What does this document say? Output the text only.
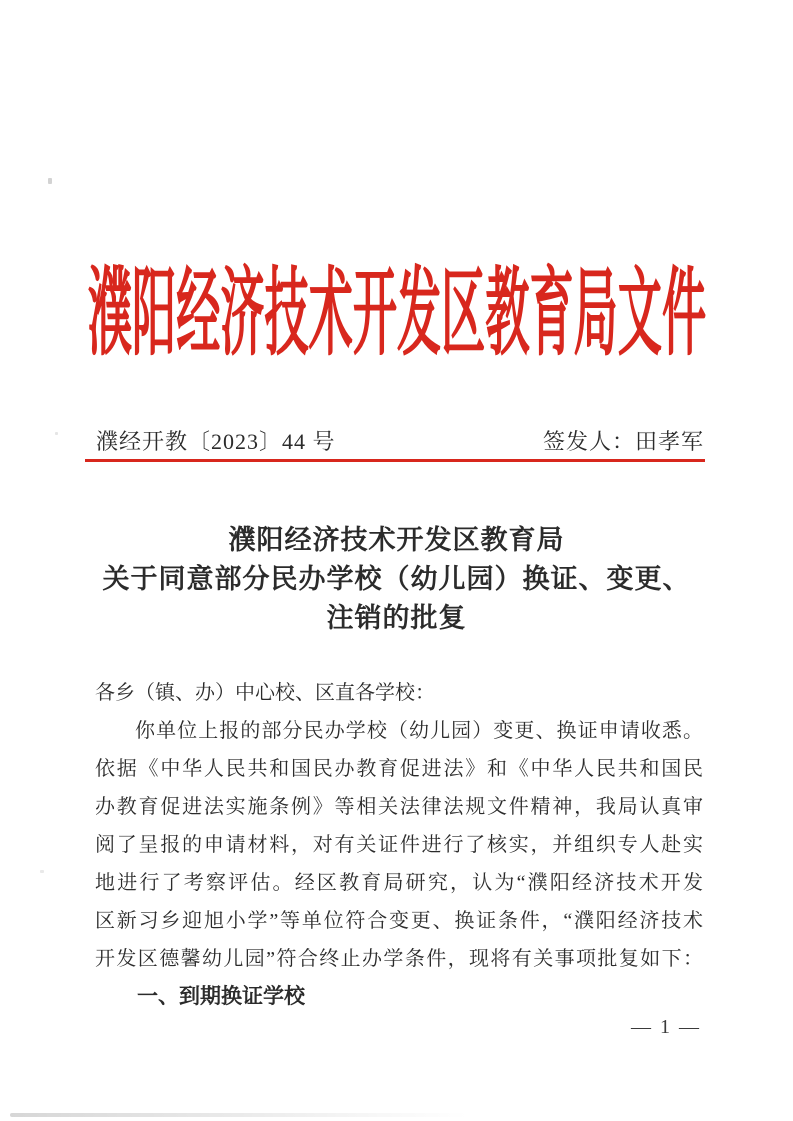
濮阳经济技术开发区教育局文件
濮经开教〔2023〕44 号	签发人：田孝军
濮阳经济技术开发区教育局
关于同意部分民办学校（幼儿园）换证、变更、
注销的批复
各乡（镇、办）中心校、区直各学校：
你单位上报的部分民办学校（幼儿园）变更、换证申请收悉。
依据《中华人民共和国民办教育促进法》和《中华人民共和国民
办教育促进法实施条例》等相关法律法规文件精神，我局认真审
阅了呈报的申请材料，对有关证件进行了核实，并组织专人赴实
地进行了考察评估。经区教育局研究，认为“濮阳经济技术开发
区新习乡迎旭小学”等单位符合变更、换证条件，“濮阳经济技术
开发区德馨幼儿园”符合终止办学条件，现将有关事项批复如下：
一、到期换证学校
— 1 —
